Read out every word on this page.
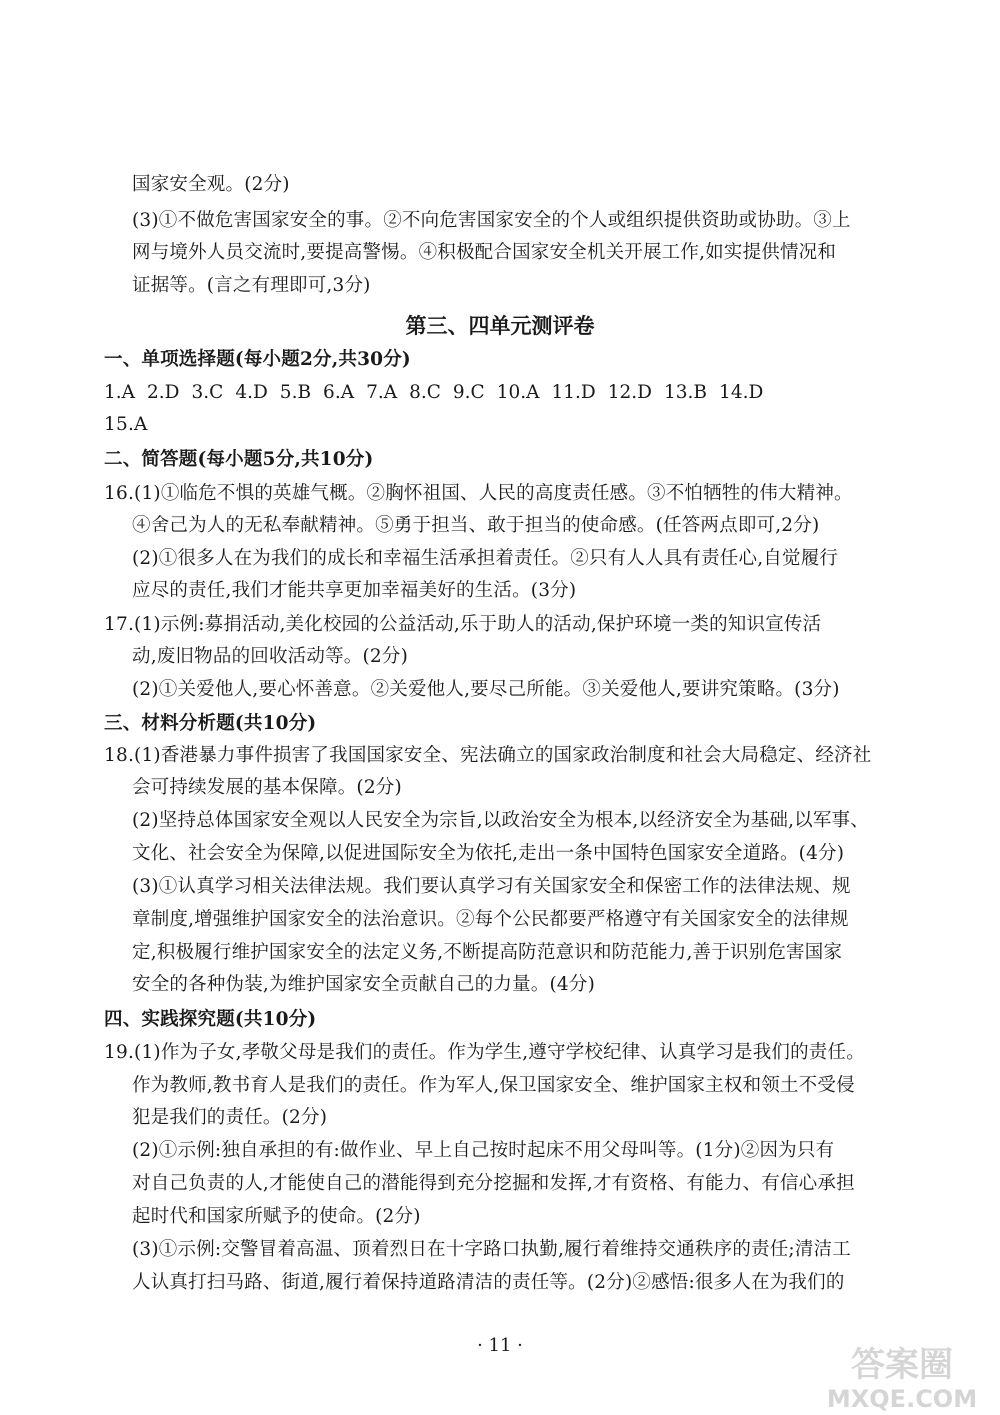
国家安全观。(2分)
(3)①不做危害国家安全的事。②不向危害国家安全的个人或组织提供资助或协助。③上
网与境外人员交流时,要提高警惕。④积极配合国家安全机关开展工作,如实提供情况和
证据等。(言之有理即可,3分)
第三、四单元测评卷
一、单项选择题(每小题2分,共30分)
1.A 2.D 3.C 4.D 5.B 6.A 7.A 8.C 9.C 10.A 11.D 12.D 13.B 14.D
15.A
二、简答题(每小题5分,共10分)
16.(1)①临危不惧的英雄气概。②胸怀祖国、人民的高度责任感。③不怕牺牲的伟大精神。
④舍己为人的无私奉献精神。⑤勇于担当、敢于担当的使命感。(任答两点即可,2分)
(2)①很多人在为我们的成长和幸福生活承担着责任。②只有人人具有责任心,自觉履行
应尽的责任,我们才能共享更加幸福美好的生活。(3分)
17.(1)示例:募捐活动,美化校园的公益活动,乐于助人的活动,保护环境一类的知识宣传活
动,废旧物品的回收活动等。(2分)
(2)①关爱他人,要心怀善意。②关爱他人,要尽己所能。③关爱他人,要讲究策略。(3分)
三、材料分析题(共10分)
18.(1)香港暴力事件损害了我国国家安全、宪法确立的国家政治制度和社会大局稳定、经济社
会可持续发展的基本保障。(2分)
(2)坚持总体国家安全观以人民安全为宗旨,以政治安全为根本,以经济安全为基础,以军事、
文化、社会安全为保障,以促进国际安全为依托,走出一条中国特色国家安全道路。(4分)
(3)①认真学习相关法律法规。我们要认真学习有关国家安全和保密工作的法律法规、规
章制度,增强维护国家安全的法治意识。②每个公民都要严格遵守有关国家安全的法律规
定,积极履行维护国家安全的法定义务,不断提高防范意识和防范能力,善于识别危害国家
安全的各种伪装,为维护国家安全贡献自己的力量。(4分)
四、实践探究题(共10分)
19.(1)作为子女,孝敬父母是我们的责任。作为学生,遵守学校纪律、认真学习是我们的责任。
作为教师,教书育人是我们的责任。作为军人,保卫国家安全、维护国家主权和领土不受侵
犯是我们的责任。(2分)
(2)①示例:独自承担的有:做作业、早上自己按时起床不用父母叫等。(1分)②因为只有
对自己负责的人,才能使自己的潜能得到充分挖掘和发挥,才有资格、有能力、有信心承担
起时代和国家所赋予的使命。(2分)
(3)①示例:交警冒着高温、顶着烈日在十字路口执勤,履行着维持交通秩序的责任;清洁工
人认真打扫马路、街道,履行着保持道路清洁的责任等。(2分)②感悟:很多人在为我们的
· 11 ·	答案圈
MXQE.COM
